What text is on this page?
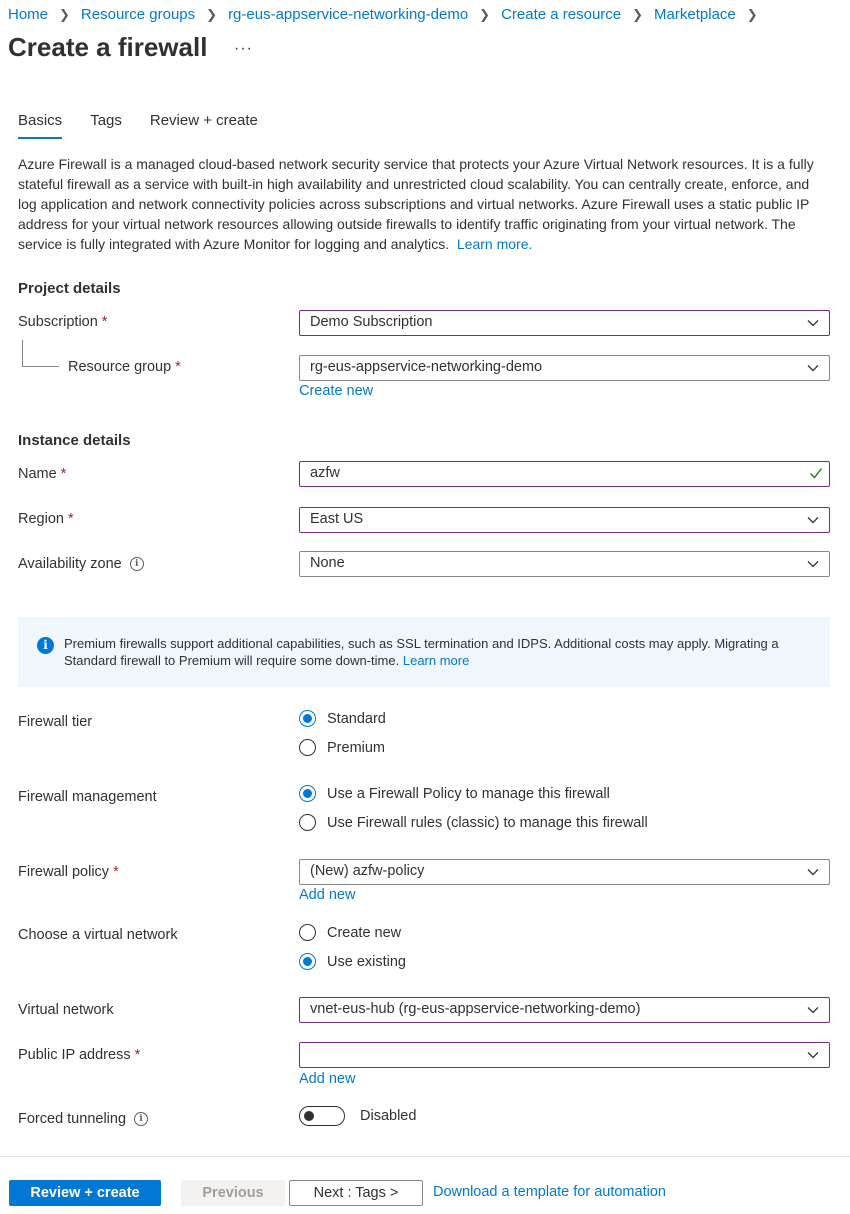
Home ❯ Resource groups ❯ rg-eus-appservice-networking-demo ❯ Create a resource ❯ Marketplace ❯
Create a firewall ···
Basics Tags Review + create

Azure Firewall is a managed cloud-based network security service that protects your Azure Virtual Network resources. It is a fully stateful firewall as a service with built-in high availability and unrestricted cloud scalability. You can centrally create, enforce, and log application and network connectivity policies across subscriptions and virtual networks. Azure Firewall uses a static public IP address for your virtual network resources allowing outside firewalls to identify traffic originating from your virtual network. The service is fully integrated with Azure Monitor for logging and analytics. Learn more.

Project details
Subscription *	Demo Subscription
Resource group *	rg-eus-appservice-networking-demo
Create new
Instance details
Name *	azfw
Region *	East US
Availability zone i	None
i	Premium firewalls support additional capabilities, such as SSL termination and IDPS. Additional costs may apply. Migrating a Standard firewall to Premium will require some down-time. Learn more
Firewall tier	Standard
Premium
Firewall management	Use a Firewall Policy to manage this firewall
Use Firewall rules (classic) to manage this firewall
Firewall policy *	(New) azfw-policy
Add new
Choose a virtual network	Create new
Use existing
Virtual network	vnet-eus-hub (rg-eus-appservice-networking-demo)
Public IP address *
Add new
Forced tunneling i	Disabled
Review + create	Previous	Next : Tags >	Download a template for automation
